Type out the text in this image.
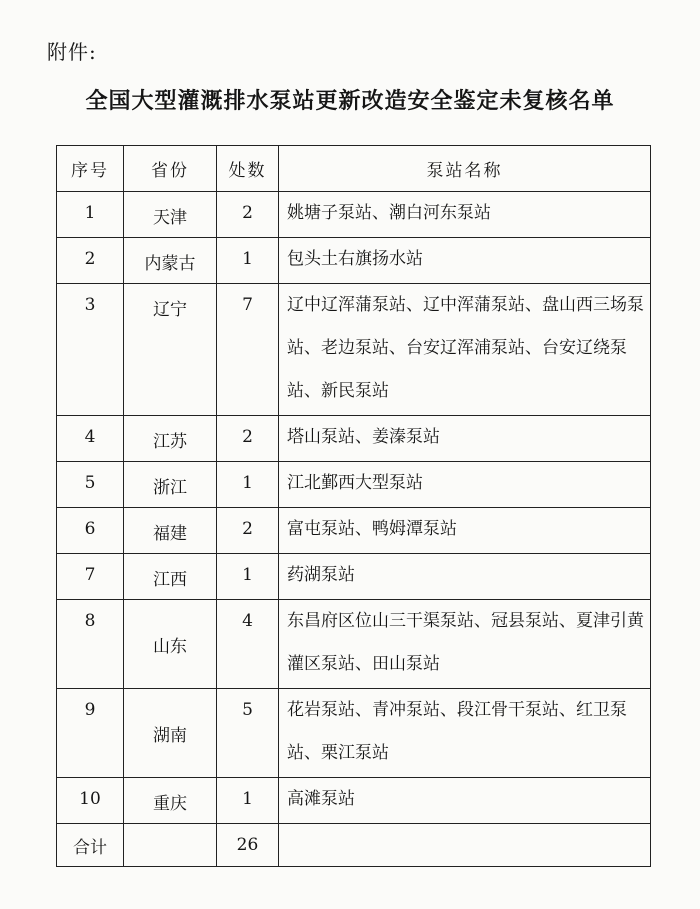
附件:
全国大型灌溉排水泵站更新改造安全鉴定未复核名单
序号	省份	处数	泵站名称
1	天津	2	姚塘子泵站、潮白河东泵站

2	内蒙古	1	包头土右旗扬水站

3	辽宁	7	辽中辽浑蒲泵站、辽中浑蒲泵站、盘山西三场泵站、老边泵站、台安辽浑浦泵站、台安辽绕泵站、新民泵站

4	江苏	2	塔山泵站、姜溱泵站

5	浙江	1	江北鄞西大型泵站

6	福建	2	富屯泵站、鸭姆潭泵站

7	江西	1	药湖泵站

8	山东	4	东昌府区位山三干渠泵站、冠县泵站、夏津引黄灌区泵站、田山泵站

9	湖南	5	花岩泵站、青冲泵站、段江骨干泵站、红卫泵站、栗江泵站

10	重庆	1	高滩泵站

合计		26	
